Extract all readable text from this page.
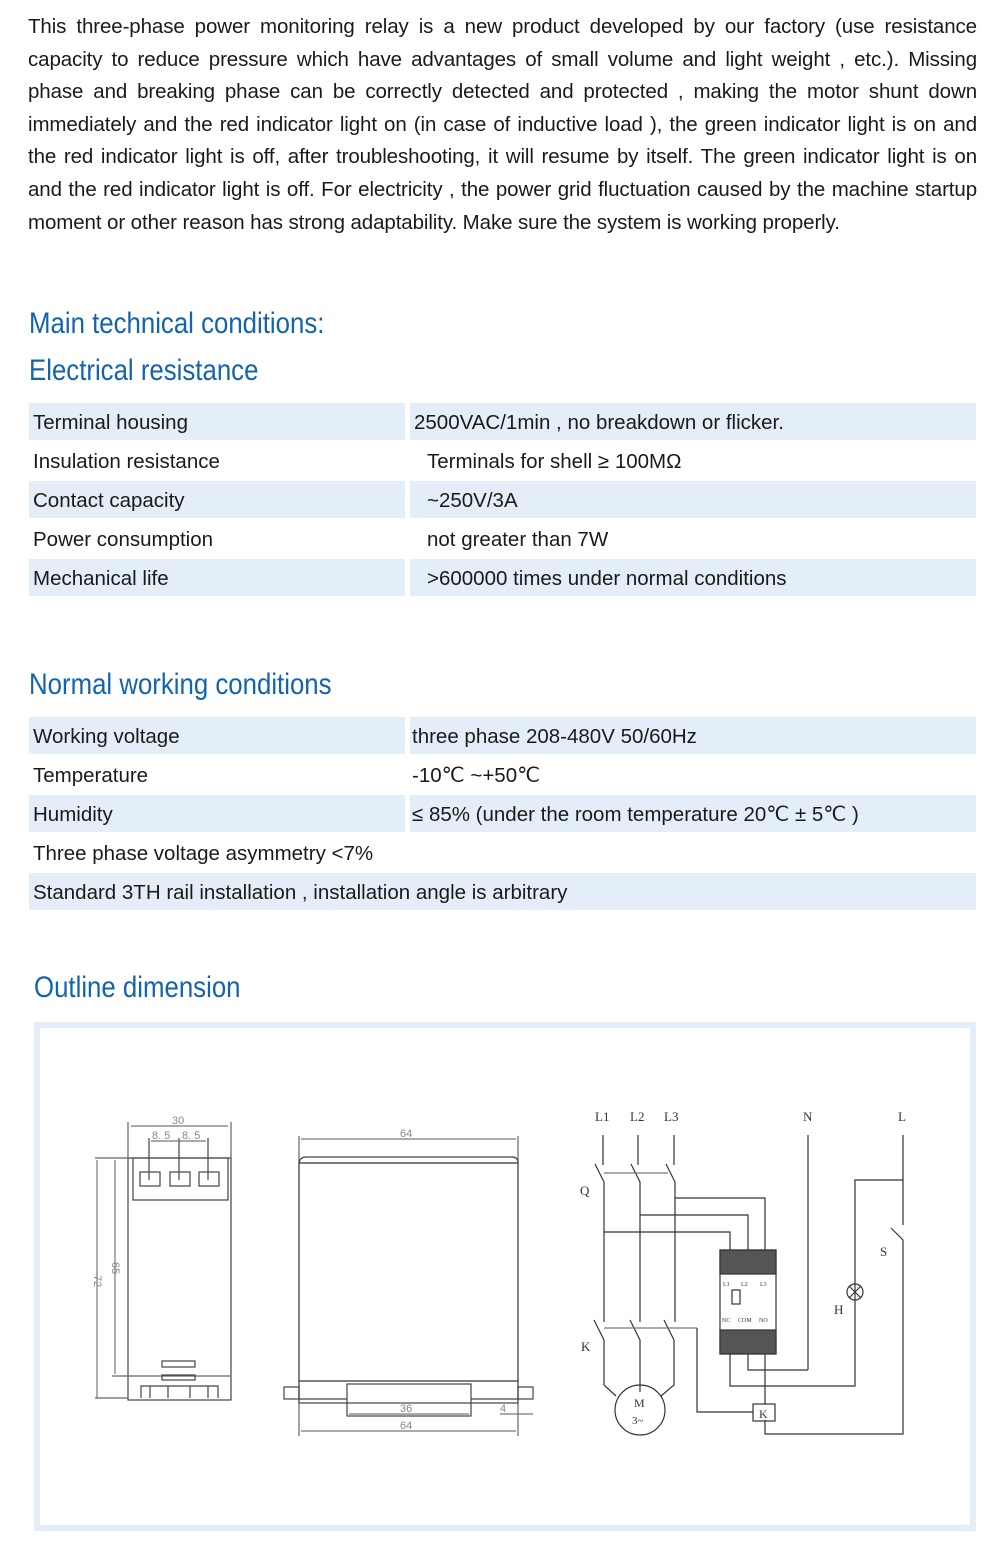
This three-phase power monitoring relay is a new product developed by our factory (use resistance capacity to reduce pressure which have advantages of small volume and light weight , etc.). Missing phase and breaking phase can be correctly detected and protected , making the motor shunt down immediately and the red indicator light on (in case of inductive load ), the green indicator light is on and the red indicator light is off, after troubleshooting, it will resume by itself. The green indicator light is on and the red indicator light is off. For electricity , the power grid fluctuation caused by the machine startup moment or other reason has strong adaptability. Make sure the system is working properly.
Main technical conditions:
Electrical resistance
Terminal housing	2500VAC/1min , no breakdown or flicker.
Insulation resistance	Terminals for shell ≥ 100MΩ
Contact capacity	~250V/3A
Power consumption	not greater than 7W
Mechanical life	>600000 times under normal conditions
Normal working conditions
Working voltage	three phase 208-480V 50/60Hz
Temperature	-10℃ ~+50℃
Humidity	≤ 85% (under the room temperature 20℃ ± 5℃ )
Three phase voltage asymmetry <7%
Standard 3TH rail installation , installation angle is arbitrary
Outline dimension
30
8. 5 8. 5
72
65
64
36
64
4
L1 L2 L3	N	L
Q
K
K
M
3~
H
S
L1 L2 L3
NC COM NO
